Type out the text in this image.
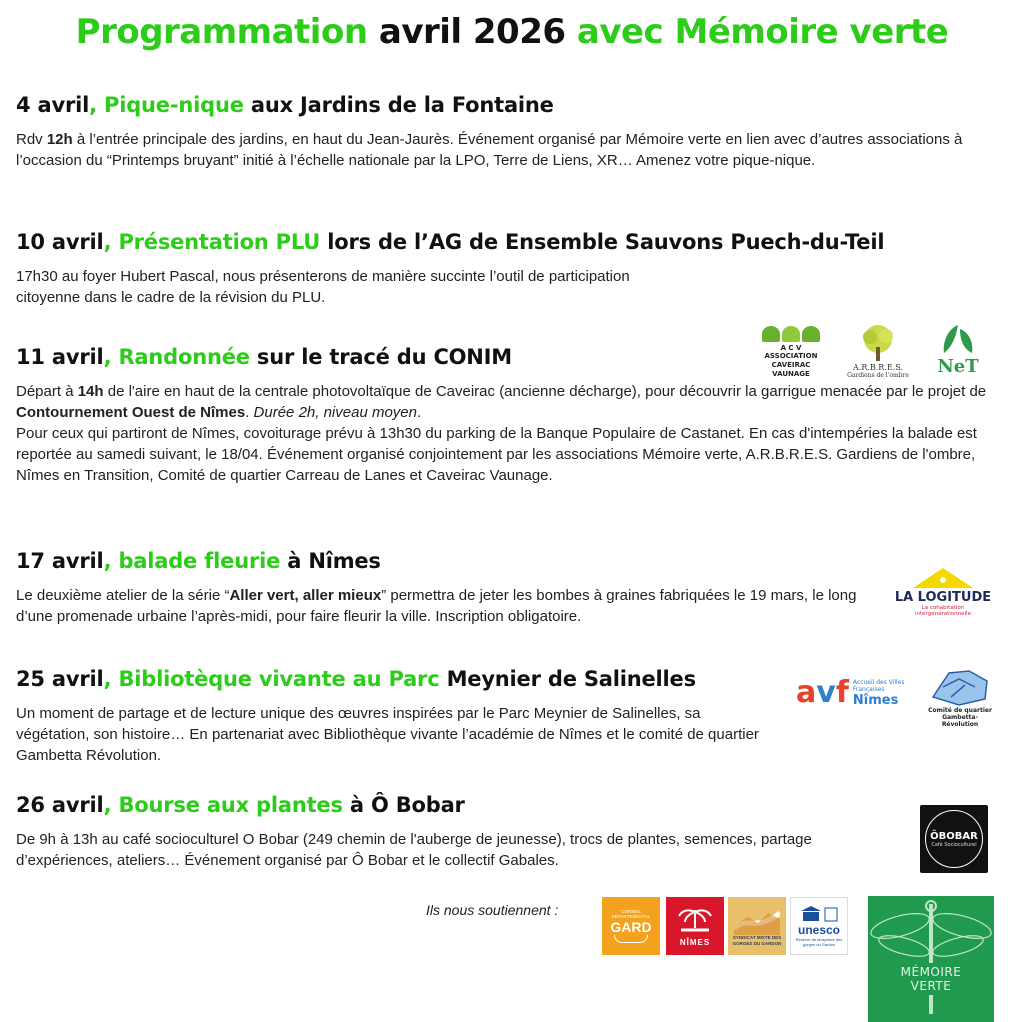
Programmation avril 2026 avec Mémoire verte
4 avril, Pique-nique aux Jardins de la Fontaine

Rdv 12h à l’entrée principale des jardins, en haut du Jean-Jaurès. Événement organisé par Mémoire verte en lien avec d’autres associations à l’occasion du “Printemps bruyant” initié à l’échelle nationale par la LPO, Terre de Liens, XR… Amenez votre pique-nique.

10 avril, Présentation PLU lors de l’AG de Ensemble Sauvons Puech-du-Teil

17h30 au foyer Hubert Pascal, nous présenterons de manière succinte l’outil de participation citoyenne dans le cadre de la révision du PLU.

11 avril, Randonnée sur le tracé du CONIM

Départ à 14h de l'aire en haut de la centrale photovoltaïque de Caveirac (ancienne décharge), pour découvrir la garrigue menacée par le projet de Contournement Ouest de Nîmes. Durée 2h, niveau moyen.

Pour ceux qui partiront de Nîmes, covoiturage prévu à 13h30 du parking de la Banque Populaire de Castanet. En cas d'intempéries la balade est reportée au samedi suivant, le 18/04. Événement organisé conjointement par les associations Mémoire verte, A.R.B.R.E.S. Gardiens de l'ombre, Nîmes en Transition, Comité de quartier Carreau de Lanes et Caveirac Vaunage.

17 avril, balade fleurie à Nîmes

Le deuxième atelier de la série “Aller vert, aller mieux” permettra de jeter les bombes à graines fabriquées le 19 mars, le long d’une promenade urbaine l’après-midi, pour faire fleurir la ville. Inscription obligatoire.

25 avril, Bibliotèque vivante au Parc Meynier de Salinelles

Un moment de partage et de lecture unique des œuvres inspirées par le Parc Meynier de Salinelles, sa végétation, son histoire… En partenariat avec Bibliothèque vivante l’académie de Nîmes et le comité de quartier Gambetta Révolution.

26 avril, Bourse aux plantes à Ô Bobar

De 9h à 13h au café socioculturel O Bobar (249 chemin de l'auberge de jeunesse), trocs de plantes, semences, partage d’expériences, ateliers… Événement organisé par Ô Bobar et le collectif Gabales.

A C V
ASSOCIATION
CAVEIRAC
VAUNAGE
A.R.B.R.E.S.
Gardiens de l'ombre NeT
LA LOGITUDE
La cohabitation intergénérationnelle
avf Accueil des Villes Françaises
Nîmes
Comité de quartier
Gambetta-Révolution
ÔBOBAR
Café Socioculturel
Ils nous soutiennent :	CONSEIL DÉPARTEMENTAL
GARD
NÎMES	SYNDICAT MIXTE DES GORGES DU GARDON
unesco
Réserve de biosphère des gorges du Gardon
MÉMOIRE
VERTE
